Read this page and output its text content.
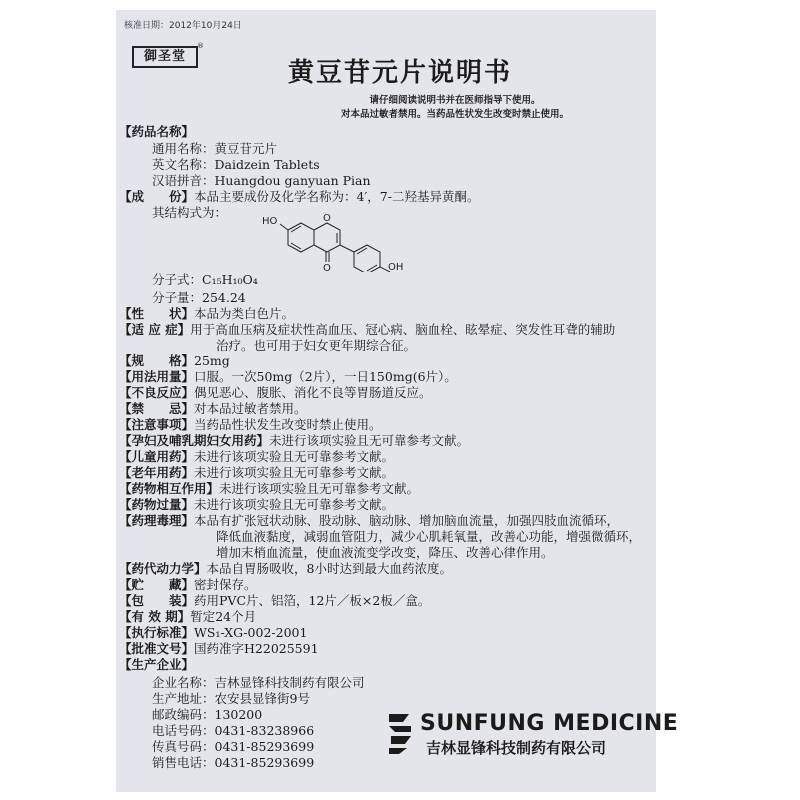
核准日期：2012年10月24日
御圣堂
®
黄豆苷元片说明书
请仔细阅读说明书并在医师指导下使用。
对本品过敏者禁用。当药品性状发生改变时禁止使用。
【药品名称】
通用名称：黄豆苷元片
英文名称：Daidzein Tablets
汉语拼音：Huangdou ganyuan Pian
【成　　份】本品主要成份及化学名称为：4′，7-二羟基异黄酮。
其结构式为：
HO	O
O	OH
分子式：C₁₅H₁₀O₄
分子量：254.24
【性　　状】本品为类白色片。
【适 应 症】用于高血压病及症状性高血压、冠心病、脑血栓、眩晕症、突发性耳聋的辅助
治疗。也可用于妇女更年期综合征。
【规　　格】25mg
【用法用量】口服。一次50mg（2片），一日150mg(6片）。
【不良反应】偶见恶心、腹胀、消化不良等胃肠道反应。
【禁　　忌】对本品过敏者禁用。
【注意事项】当药品性状发生改变时禁止使用。
【孕妇及哺乳期妇女用药】未进行该项实验且无可靠参考文献。
【儿童用药】未进行该项实验且无可靠参考文献。
【老年用药】未进行该项实验且无可靠参考文献。
【药物相互作用】未进行该项实验且无可靠参考文献。
【药物过量】未进行该项实验且无可靠参考文献。
【药理毒理】本品有扩张冠状动脉、股动脉、脑动脉、增加脑血流量，加强四肢血流循环，
降低血液黏度，减弱血管阻力，减少心肌耗氧量，改善心功能，增强微循环，
增加末梢血流量，使血液流变学改变，降压、改善心律作用。
【药代动力学】本品自胃肠吸收，8小时达到最大血药浓度。
【贮　　藏】密封保存。
【包　　装】药用PVC片、铝箔，12片／板×2板／盒。
【有 效 期】暂定24个月
【执行标准】WS₁-XG-002-2001
【批准文号】国药准字H22025591
【生产企业】
企业名称：吉林显锋科技制药有限公司
生产地址：农安县显锋街9号
邮政编码：130200
电话号码：0431-83238966
传真号码：0431-85293699
销售电话：0431-85293699
SUNFUNG MEDICINE
吉林显锋科技制药有限公司
